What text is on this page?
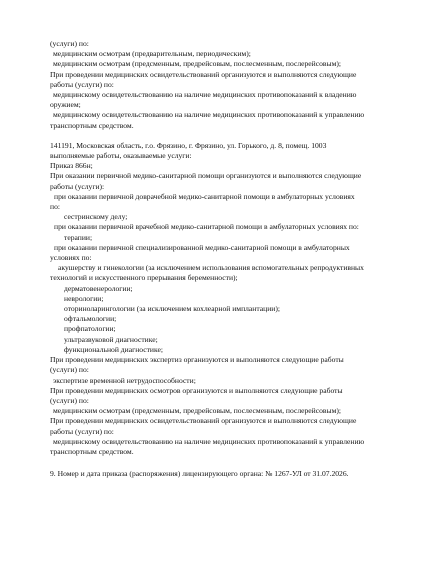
(услуги) по:
медицинским осмотрам (предварительным, периодическим);
медицинским осмотрам (предсменным, предрейсовым, послесменным, послерейсовым);
При проведении медицинских освидетельствований организуются и выполняются следующие
работы (услуги) по:
медицинскому освидетельствованию на наличие медицинских противопоказаний к владению
оружием;
медицинскому освидетельствованию на наличие медицинских противопоказаний к управлению
транспортным средством.
141191, Московская область, г.о. Фрязино, г. Фрязино, ул. Горького, д. 8, помещ. 1003
выполняемые работы, оказываемые услуги:
Приказ 866н;
При оказании первичной медико-санитарной помощи организуются и выполняются следующие
работы (услуги):
при оказании первичной доврачебной медико-санитарной помощи в амбулаторных условиях
по:
сестринскому делу;
при оказании первичной врачебной медико-санитарной помощи в амбулаторных условиях по:
терапии;
при оказании первичной специализированной медико-санитарной помощи в амбулаторных
условиях по:
акушерству и гинекологии (за исключением использования вспомогательных репродуктивных
технологий и искусственного прерывания беременности);
дерматовенерологии;
неврологии;
оториноларингологии (за исключением кохлеарной имплантации);
офтальмологии;
профпатологии;
ультразвуковой диагностике;
функциональной диагностике;
При проведении медицинских экспертиз организуются и выполняются следующие работы
(услуги) по:
экспертизе временной нетрудоспособности;
При проведении медицинских осмотров организуются и выполняются следующие работы
(услуги) по:
медицинским осмотрам (предсменным, предрейсовым, послесменным, послерейсовым);
При проведении медицинских освидетельствований организуются и выполняются следующие
работы (услуги) по:
медицинскому освидетельствованию на наличие медицинских противопоказаний к управлению
транспортным средством.
9. Номер и дата приказа (распоряжения) лицензирующего органа: № 1267-УЛ от 31.07.2026.
